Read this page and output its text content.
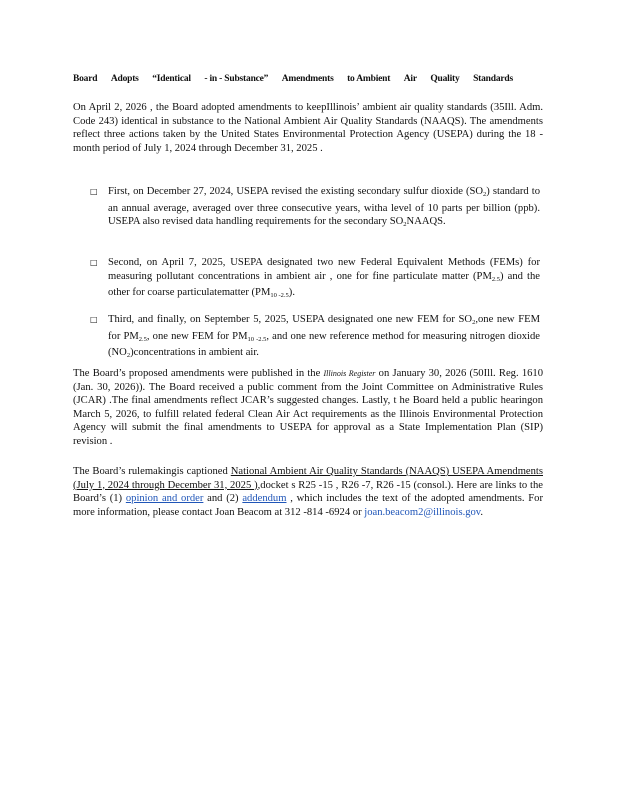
Board Adopts “Identical - in - Substance” Amendments to Ambient Air Quality Standards
On April 2, 2026 , the Board adopted amendments to keepIllinois’ ambient air quality standards (35Ill. Adm. Code 243) identical in substance to the National Ambient Air Quality Standards (NAAQS). The amendments reflect three actions taken by the United States Environmental Protection Agency (USEPA) during the 18 -month period of July 1, 2024 through December 31, 2025 .
□ First, on December 27, 2024, USEPA revised the existing secondary sulfur dioxide $(SO_2)$ standard to an annual average, averaged over three consecutive years, witha level of 10 parts per billion (ppb). USEPA also revised data handling requirements for the secondary $SO_2NAAQS$.
□ Second, on April 7, 2025, USEPA designated two new Federal Equivalent Methods (FEMs) for measuring pollutant concentrations in ambient air , one for fine particulate matter $(PM_{2.5})$ and the other for coarse particulatematter $(PM_{10 -2.5})$.
□ Third, and finally, on September 5, 2025, USEPA designated one new FEM for $SO_2,one$ new FEM for $PM_{2.5}$, one new FEM for $PM_{10 -2.5}$, and one new reference method for measuring nitrogen dioxide $(NO_2)concentrations$ in ambient air.
The Board’s proposed amendments were published in the Illinois Register on January 30, 2026 (50Ill. Reg. 1610 (Jan. 30, 2026)). The Board received a public comment from the Joint Committee on Administrative Rules (JCAR) .The final amendments reflect JCAR’s suggested changes. Lastly, t he Board held a public hearingon March 5, 2026, to fulfill related federal Clean Air Act requirements as the Illinois Environmental Protection Agency will submit the final amendments to USEPA for approval as a State Implementation Plan (SIP) revision .
The Board’s rulemakingis captioned National Ambient Air Quality Standards (NAAQS) USEPA Amendments (July 1, 2024 through December 31, 2025 ),docket s R25 -15 , R26 -7, R26 -15 (consol.). Here are links to the Board’s (1) opinion and order and (2) addendum , which includes the text of the adopted amendments. For more information, please contact Joan Beacom at 312 -814 -6924 or joan.beacom2@illinois.gov.
